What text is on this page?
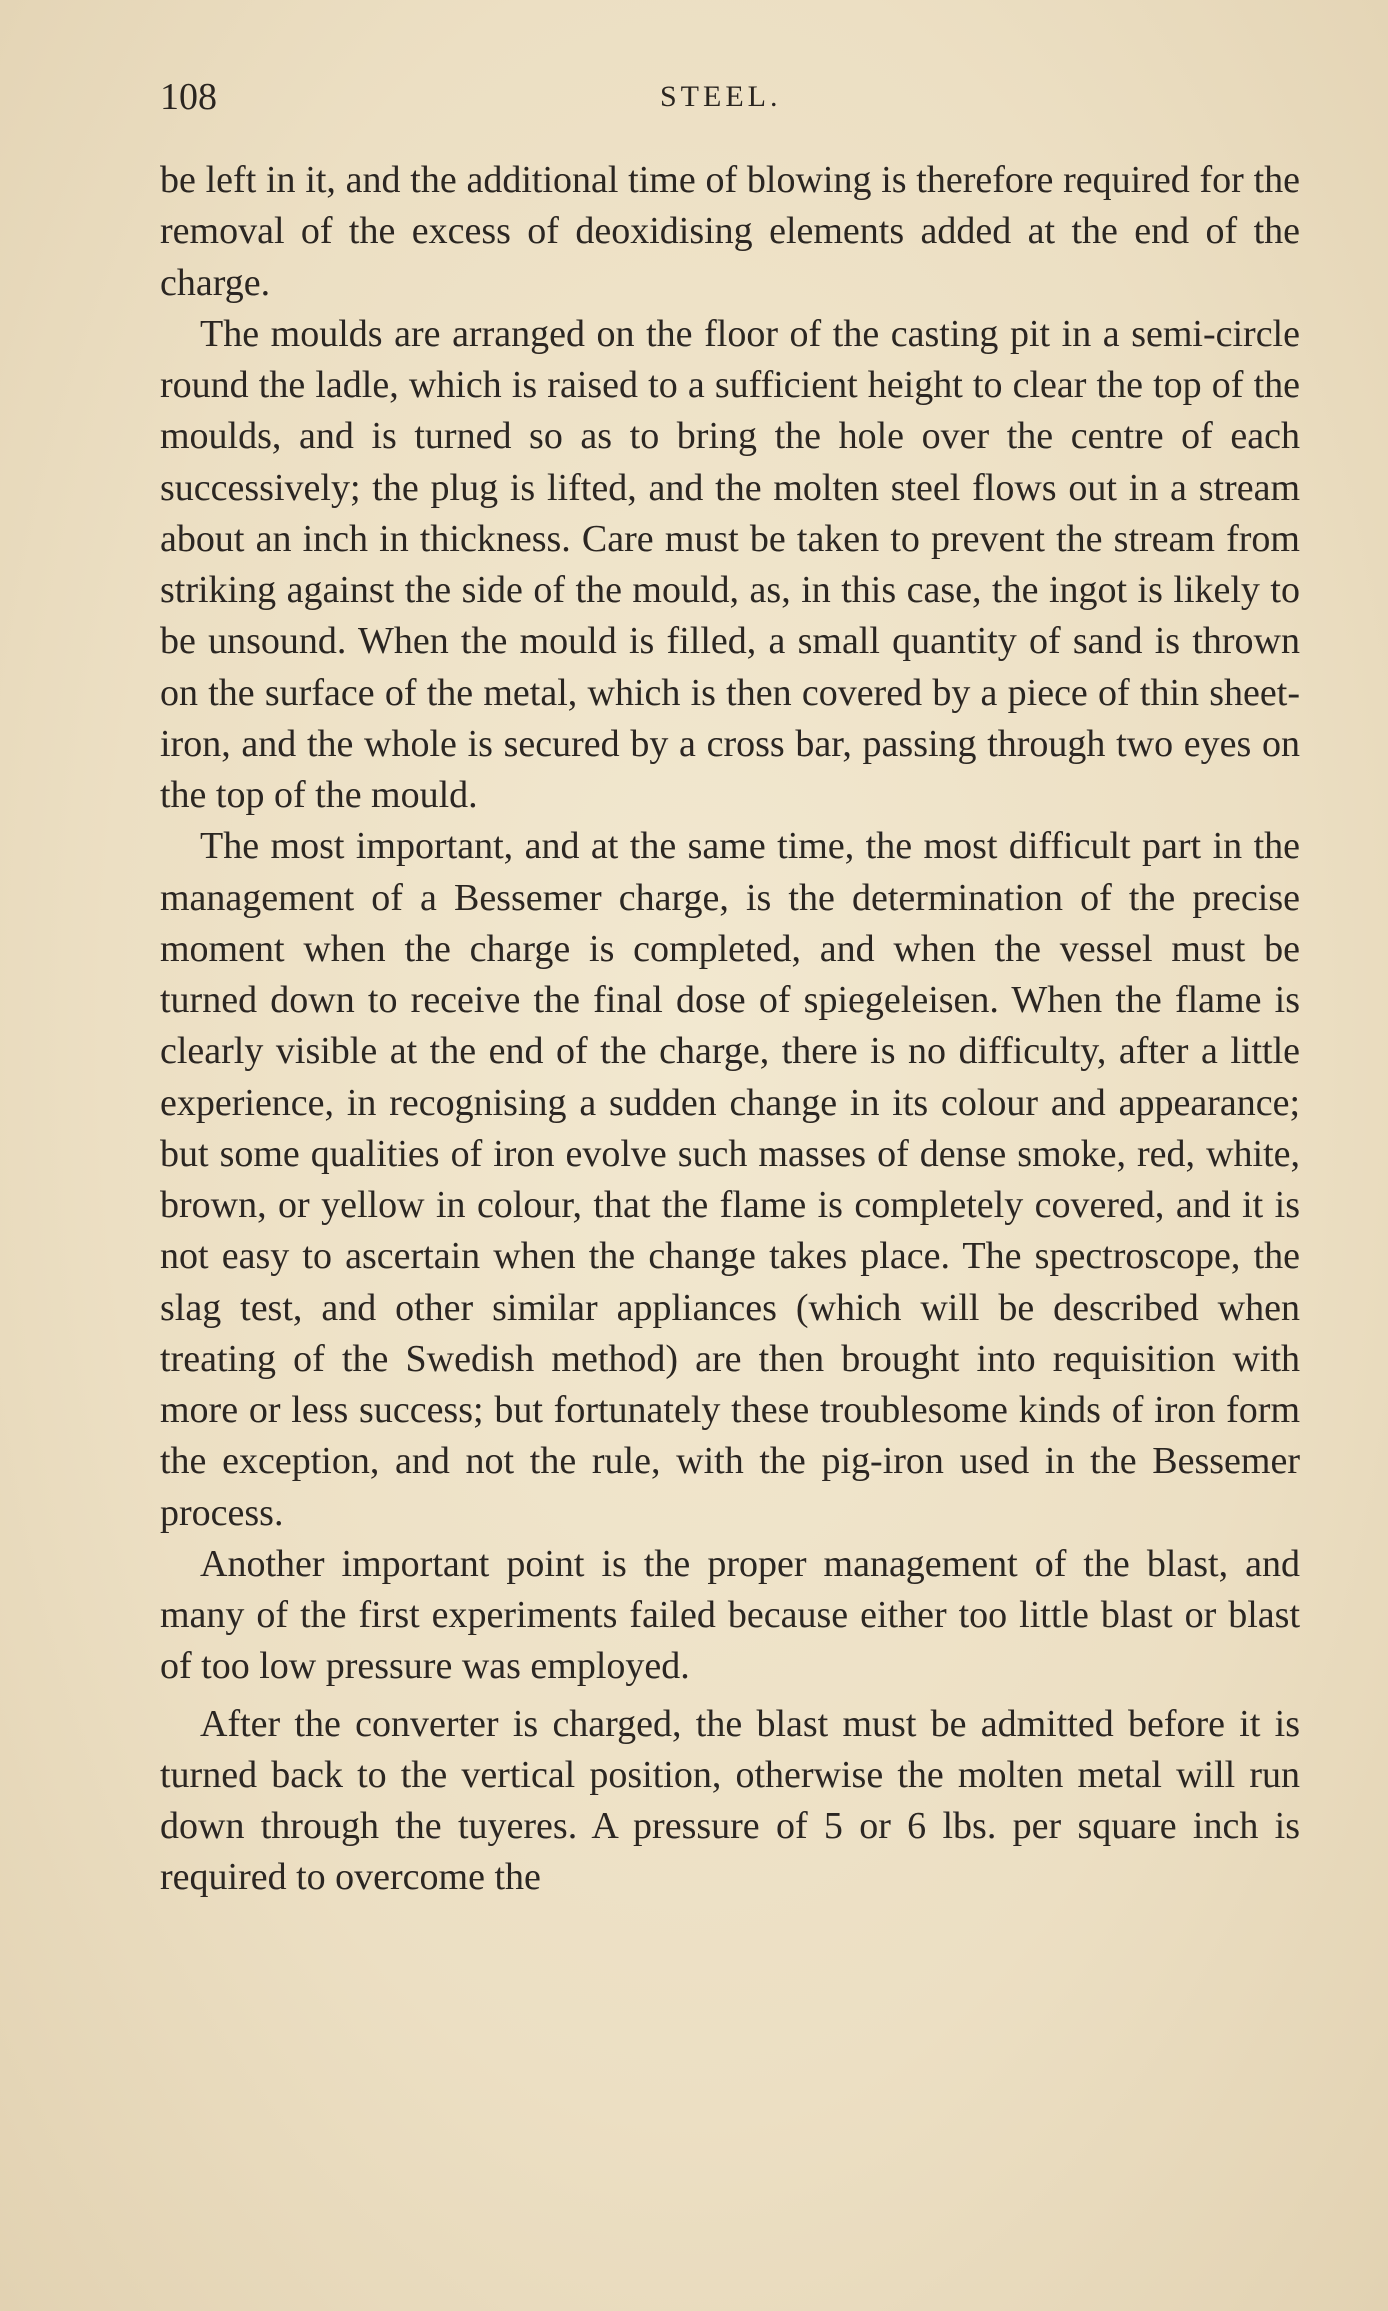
108	STEEL.

be left in it, and the additional time of blowing is therefore required for the removal of the excess of deoxidising elements added at the end of the charge.

The moulds are arranged on the floor of the casting pit in a semi-circle round the ladle, which is raised to a sufficient height to clear the top of the moulds, and is turned so as to bring the hole over the centre of each successively; the plug is lifted, and the molten steel flows out in a stream about an inch in thickness. Care must be taken to prevent the stream from striking against the side of the mould, as, in this case, the ingot is likely to be unsound. When the mould is filled, a small quantity of sand is thrown on the surface of the metal, which is then covered by a piece of thin sheet-iron, and the whole is secured by a cross bar, passing through two eyes on the top of the mould.

The most important, and at the same time, the most difficult part in the management of a Bessemer charge, is the determination of the precise moment when the charge is completed, and when the vessel must be turned down to receive the final dose of spiegeleisen. When the flame is clearly visible at the end of the charge, there is no difficulty, after a little experience, in recognising a sudden change in its colour and appearance; but some qualities of iron evolve such masses of dense smoke, red, white, brown, or yellow in colour, that the flame is completely covered, and it is not easy to ascertain when the change takes place. The spectroscope, the slag test, and other similar appliances (which will be described when treating of the Swedish method) are then brought into requisition with more or less success; but fortunately these troublesome kinds of iron form the exception, and not the rule, with the pig-iron used in the Bessemer process.

Another important point is the proper management of the blast, and many of the first experiments failed because either too little blast or blast of too low pressure was employed.

After the converter is charged, the blast must be admitted before it is turned back to the vertical position, otherwise the molten metal will run down through the tuyeres. A pressure of 5 or 6 lbs. per square inch is required to overcome the
